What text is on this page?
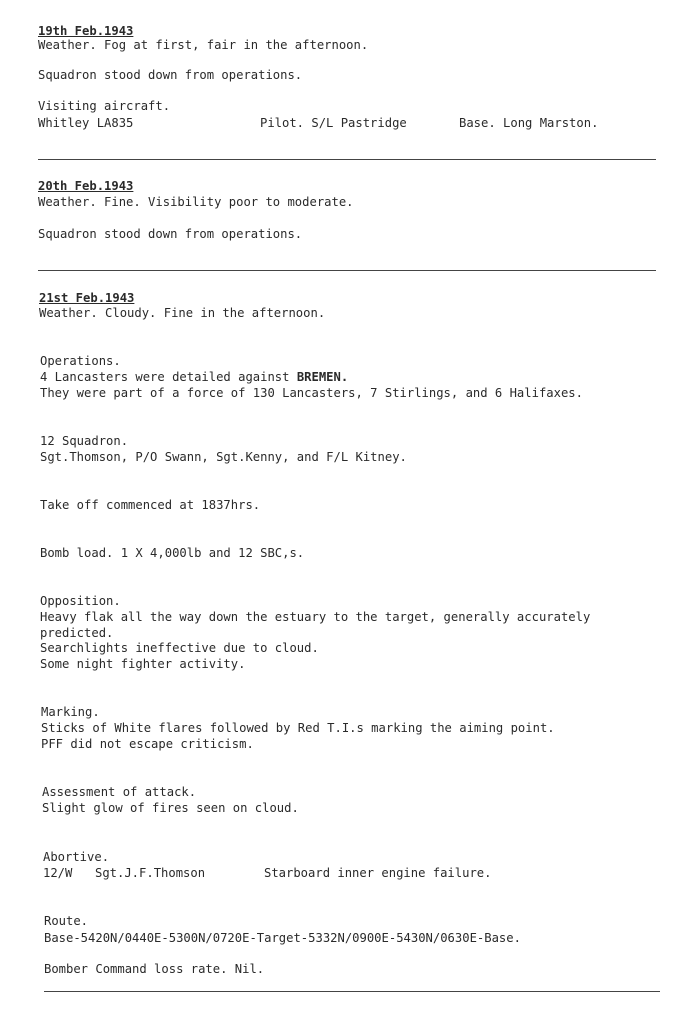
19th Feb.1943
Weather. Fog at first, fair in the afternoon.
Squadron stood down from operations.
Visiting aircraft.
Whitley LA835	Pilot. S/L Pastridge	Base. Long Marston.
20th Feb.1943
Weather. Fine. Visibility poor to moderate.
Squadron stood down from operations.
21st Feb.1943
Weather. Cloudy. Fine in the afternoon.
Operations.
4 Lancasters were detailed against BREMEN.
They were part of a force of 130 Lancasters, 7 Stirlings, and 6 Halifaxes.
12 Squadron.
Sgt.Thomson, P/O Swann, Sgt.Kenny, and F/L Kitney.
Take off commenced at 1837hrs.
Bomb load. 1 X 4,000lb and 12 SBC,s.
Opposition.
Heavy flak all the way down the estuary to the target, generally accurately
predicted.
Searchlights ineffective due to cloud.
Some night fighter activity.
Marking.
Sticks of White flares followed by Red T.I.s marking the aiming point.
PFF did not escape criticism.
Assessment of attack.
Slight glow of fires seen on cloud.
Abortive.
12/W Sgt.J.F.Thomson	Starboard inner engine failure.
Route.
Base-5420N/0440E-5300N/0720E-Target-5332N/0900E-5430N/0630E-Base.
Bomber Command loss rate. Nil.
